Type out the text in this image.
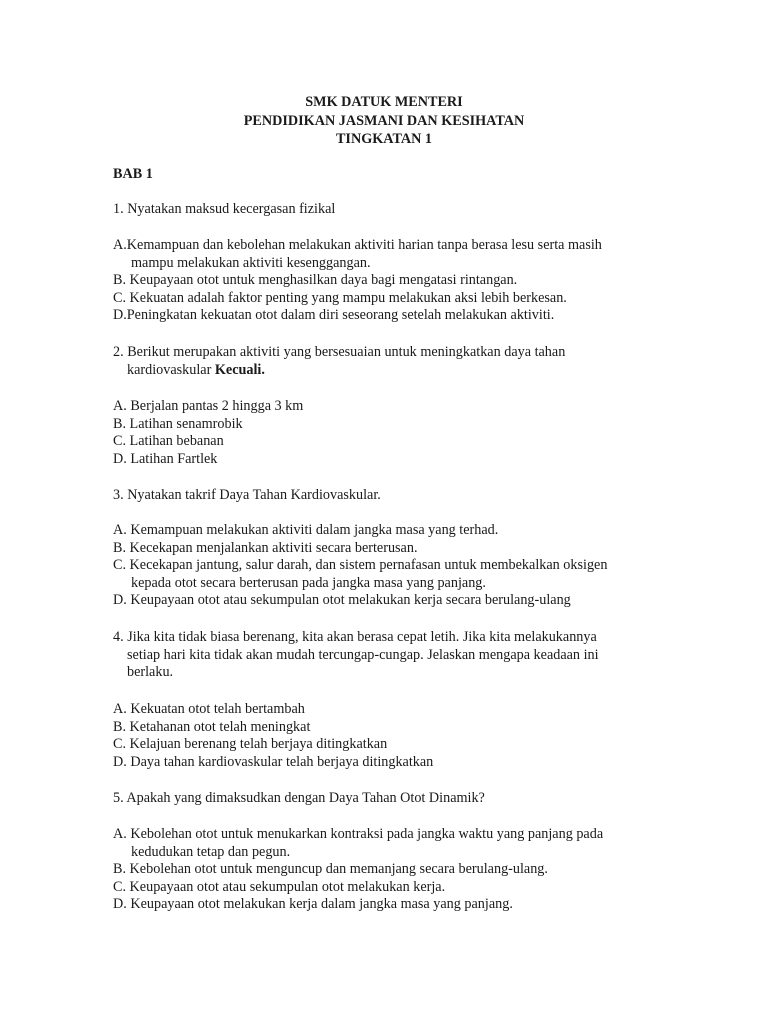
SMK DATUK MENTERI
PENDIDIKAN JASMANI DAN KESIHATAN
TINGKATAN 1
BAB 1
1. Nyatakan maksud kecergasan fizikal
A.Kemampuan dan kebolehan melakukan aktiviti harian tanpa berasa lesu serta masih
mampu melakukan aktiviti kesenggangan.
B. Keupayaan otot untuk menghasilkan daya bagi mengatasi rintangan.
C. Kekuatan adalah faktor penting yang mampu melakukan aksi lebih berkesan.
D.Peningkatan kekuatan otot dalam diri seseorang setelah melakukan aktiviti.
2. Berikut merupakan aktiviti yang bersesuaian untuk meningkatkan daya tahan
kardiovaskular Kecuali.
A. Berjalan pantas 2 hingga 3 km
B. Latihan senamrobik
C. Latihan bebanan
D. Latihan Fartlek
3. Nyatakan takrif Daya Tahan Kardiovaskular.
A. Kemampuan melakukan aktiviti dalam jangka masa yang terhad.
B. Kecekapan menjalankan aktiviti secara berterusan.
C. Kecekapan jantung, salur darah, dan sistem pernafasan untuk membekalkan oksigen
kepada otot secara berterusan pada jangka masa yang panjang.
D. Keupayaan otot atau sekumpulan otot melakukan kerja secara berulang-ulang
4. Jika kita tidak biasa berenang, kita akan berasa cepat letih. Jika kita melakukannya
setiap hari kita tidak akan mudah tercungap-cungap. Jelaskan mengapa keadaan ini
berlaku.
A. Kekuatan otot telah bertambah
B. Ketahanan otot telah meningkat
C. Kelajuan berenang telah berjaya ditingkatkan
D. Daya tahan kardiovaskular telah berjaya ditingkatkan
5. Apakah yang dimaksudkan dengan Daya Tahan Otot Dinamik?
A. Kebolehan otot untuk menukarkan kontraksi pada jangka waktu yang panjang pada
kedudukan tetap dan pegun.
B. Kebolehan otot untuk menguncup dan memanjang secara berulang-ulang.
C. Keupayaan otot atau sekumpulan otot melakukan kerja.
D. Keupayaan otot melakukan kerja dalam jangka masa yang panjang.
